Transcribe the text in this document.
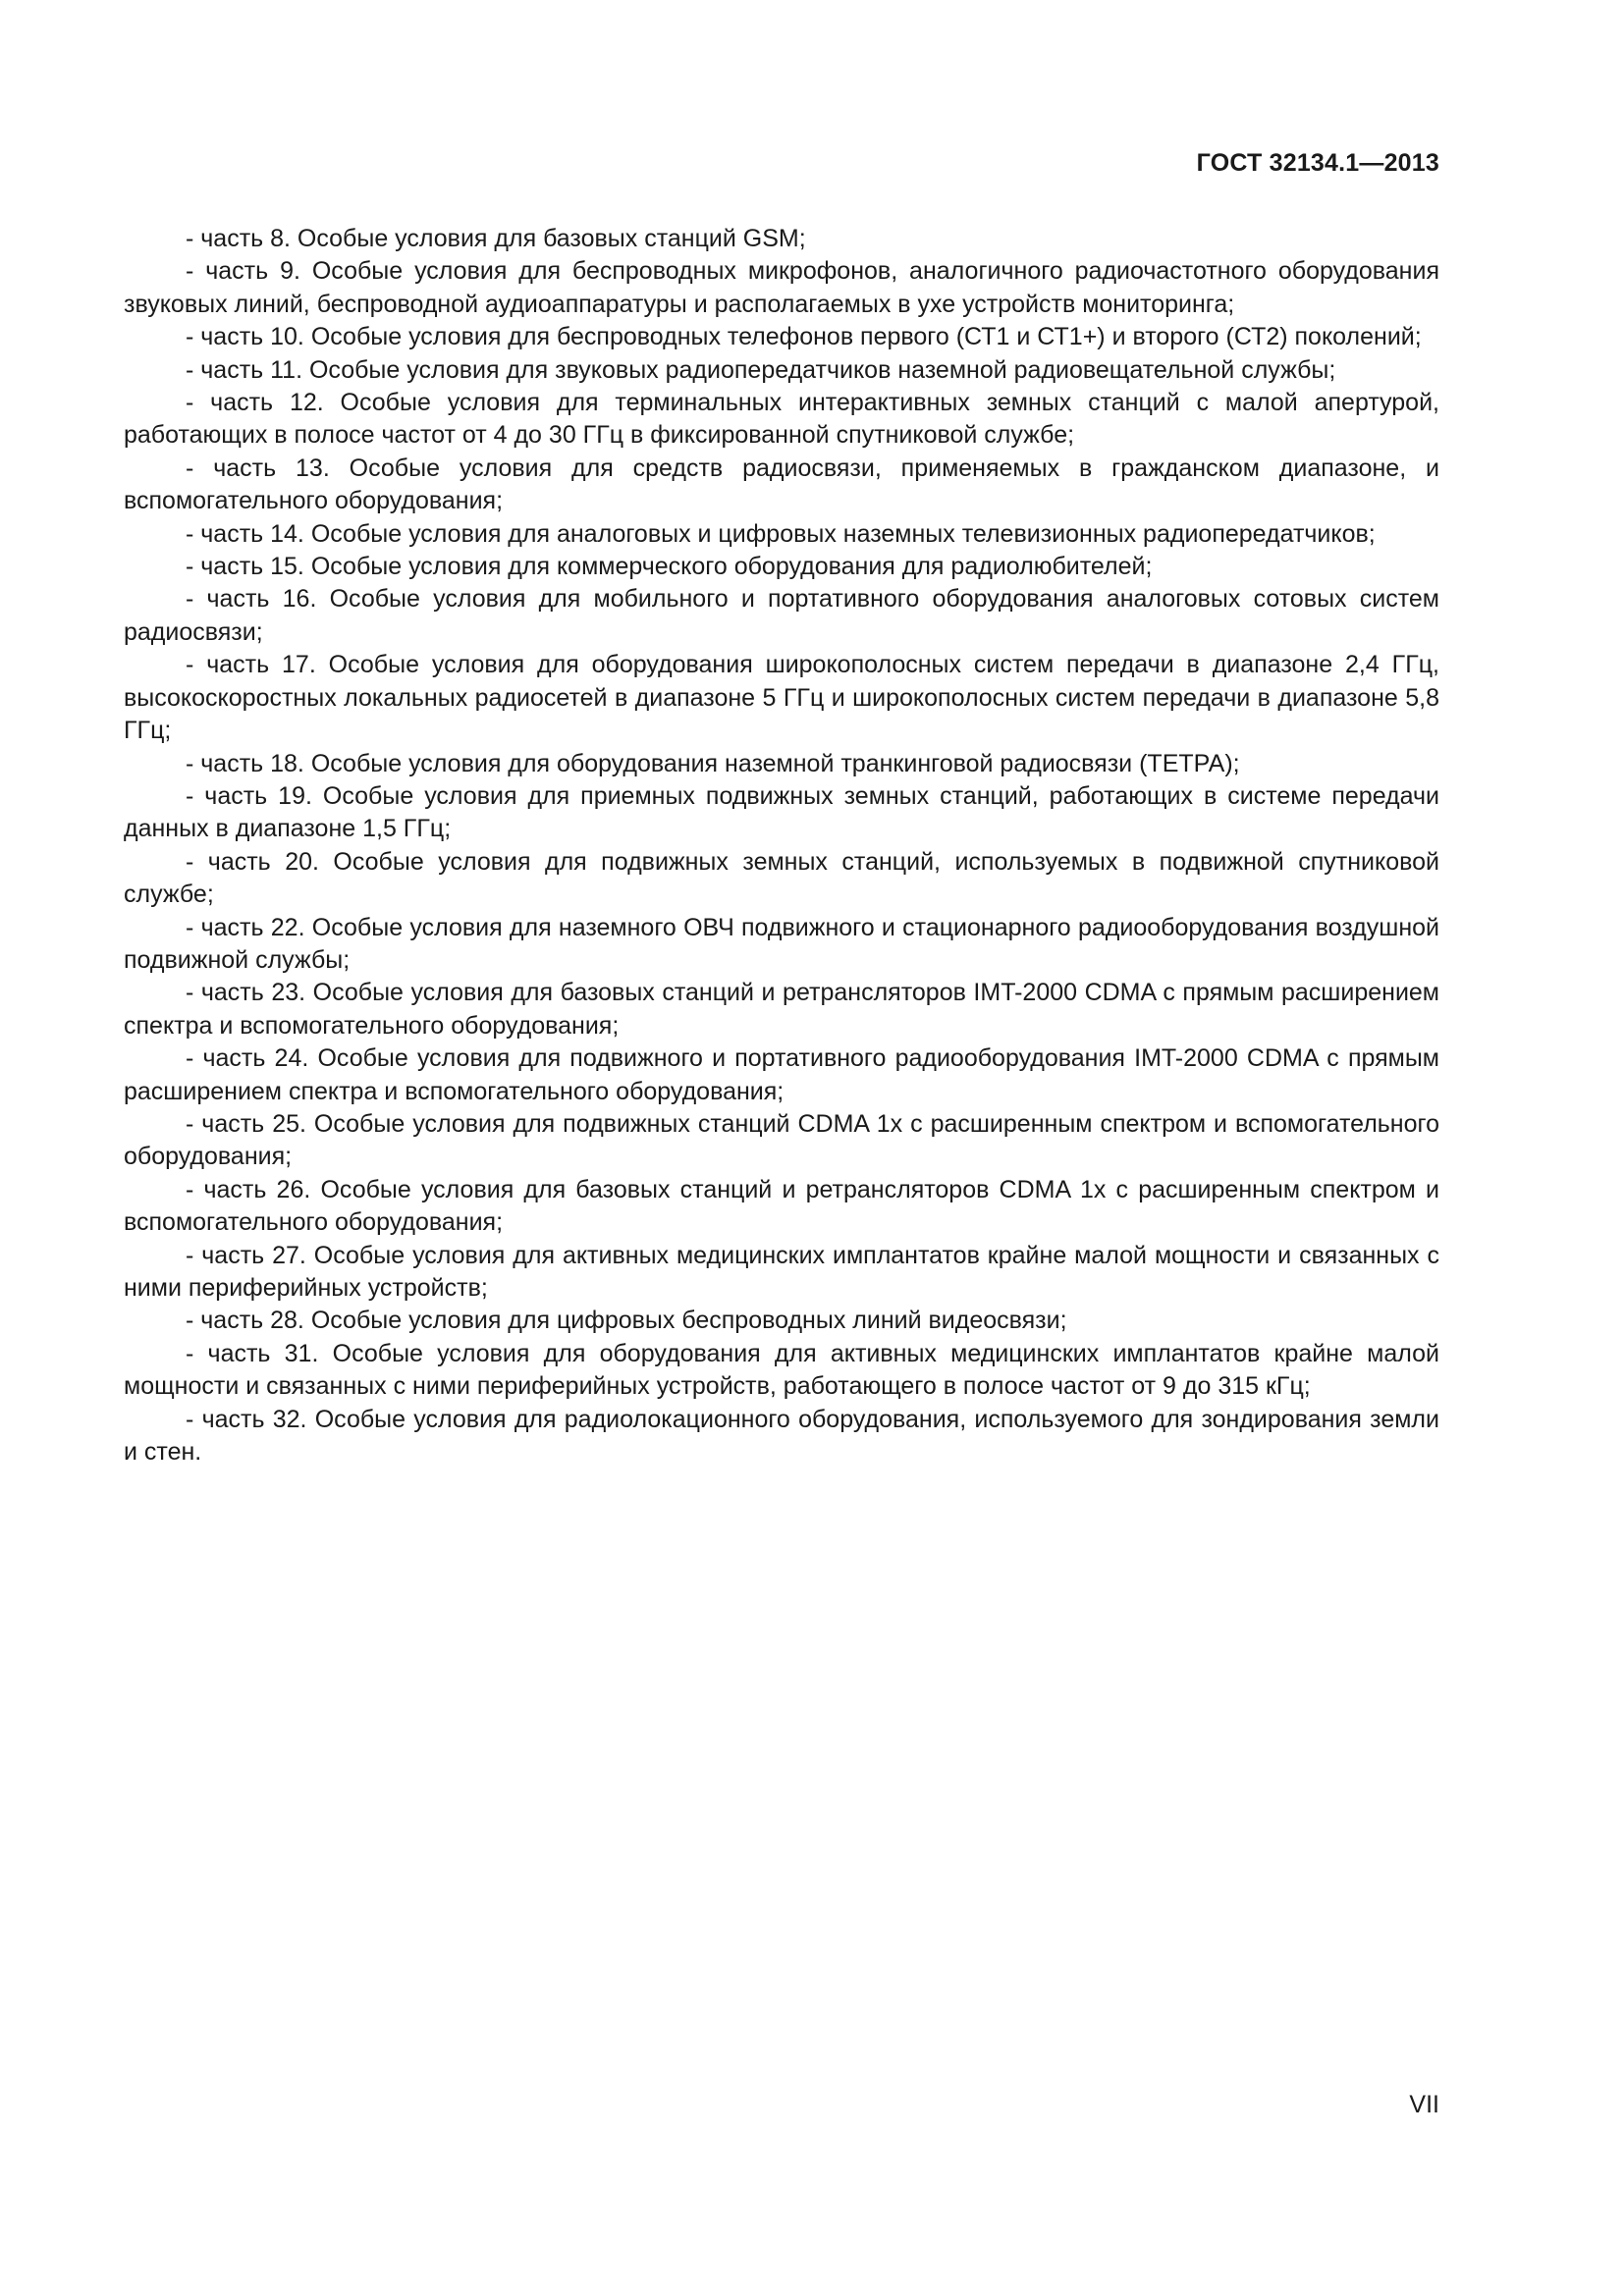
ГОСТ 32134.1—2013

- часть 8. Особые условия для базовых станций GSM;

- часть 9. Особые условия для беспроводных микрофонов, аналогичного радиочастотного оборудования звуковых линий, беспроводной аудиоаппаратуры и располагаемых в ухе устройств мониторинга;

- часть 10. Особые условия для беспроводных телефонов первого (СТ1 и СТ1+) и второго (СТ2) поколений;

- часть 11. Особые условия для звуковых радиопередатчиков наземной радиовещательной службы;

- часть 12. Особые условия для терминальных интерактивных земных станций с малой апертурой, работающих в полосе частот от 4 до 30 ГГц в фиксированной спутниковой службе;

- часть 13. Особые условия для средств радиосвязи, применяемых в гражданском диапазоне, и вспомогательного оборудования;

- часть 14. Особые условия для аналоговых и цифровых наземных телевизионных радиопередатчиков;

- часть 15. Особые условия для коммерческого оборудования для радиолюбителей;

- часть 16. Особые условия для мобильного и портативного оборудования аналоговых сотовых систем радиосвязи;

- часть 17. Особые условия для оборудования широкополосных систем передачи в диапазоне 2,4 ГГц, высокоскоростных локальных радиосетей в диапазоне 5 ГГц и широкополосных систем передачи в диапазоне 5,8 ГГц;

- часть 18. Особые условия для оборудования наземной транкинговой радиосвязи (ТЕТРА);

- часть 19. Особые условия для приемных подвижных земных станций, работающих в системе передачи данных в диапазоне 1,5 ГГц;

- часть 20. Особые условия для подвижных земных станций, используемых в подвижной спутниковой службе;

- часть 22. Особые условия для наземного ОВЧ подвижного и стационарного радиооборудования воздушной подвижной службы;

- часть 23. Особые условия для базовых станций и ретрансляторов IMT-2000 CDMA с прямым расширением спектра и вспомогательного оборудования;

- часть 24. Особые условия для подвижного и портативного радиооборудования IMT-2000 CDMA с прямым расширением спектра и вспомогательного оборудования;

- часть 25. Особые условия для подвижных станций CDMA 1x с расширенным спектром и вспомогательного оборудования;

- часть 26. Особые условия для базовых станций и ретрансляторов CDMA 1x с расширенным спектром и вспомогательного оборудования;

- часть 27. Особые условия для активных медицинских имплантатов крайне малой мощности и связанных с ними периферийных устройств;

- часть 28. Особые условия для цифровых беспроводных линий видеосвязи;

- часть 31. Особые условия для оборудования для активных медицинских имплантатов крайне малой мощности и связанных с ними периферийных устройств, работающего в полосе частот от 9 до 315 кГц;

- часть 32. Особые условия для радиолокационного оборудования, используемого для зондирования земли и стен.

VII
